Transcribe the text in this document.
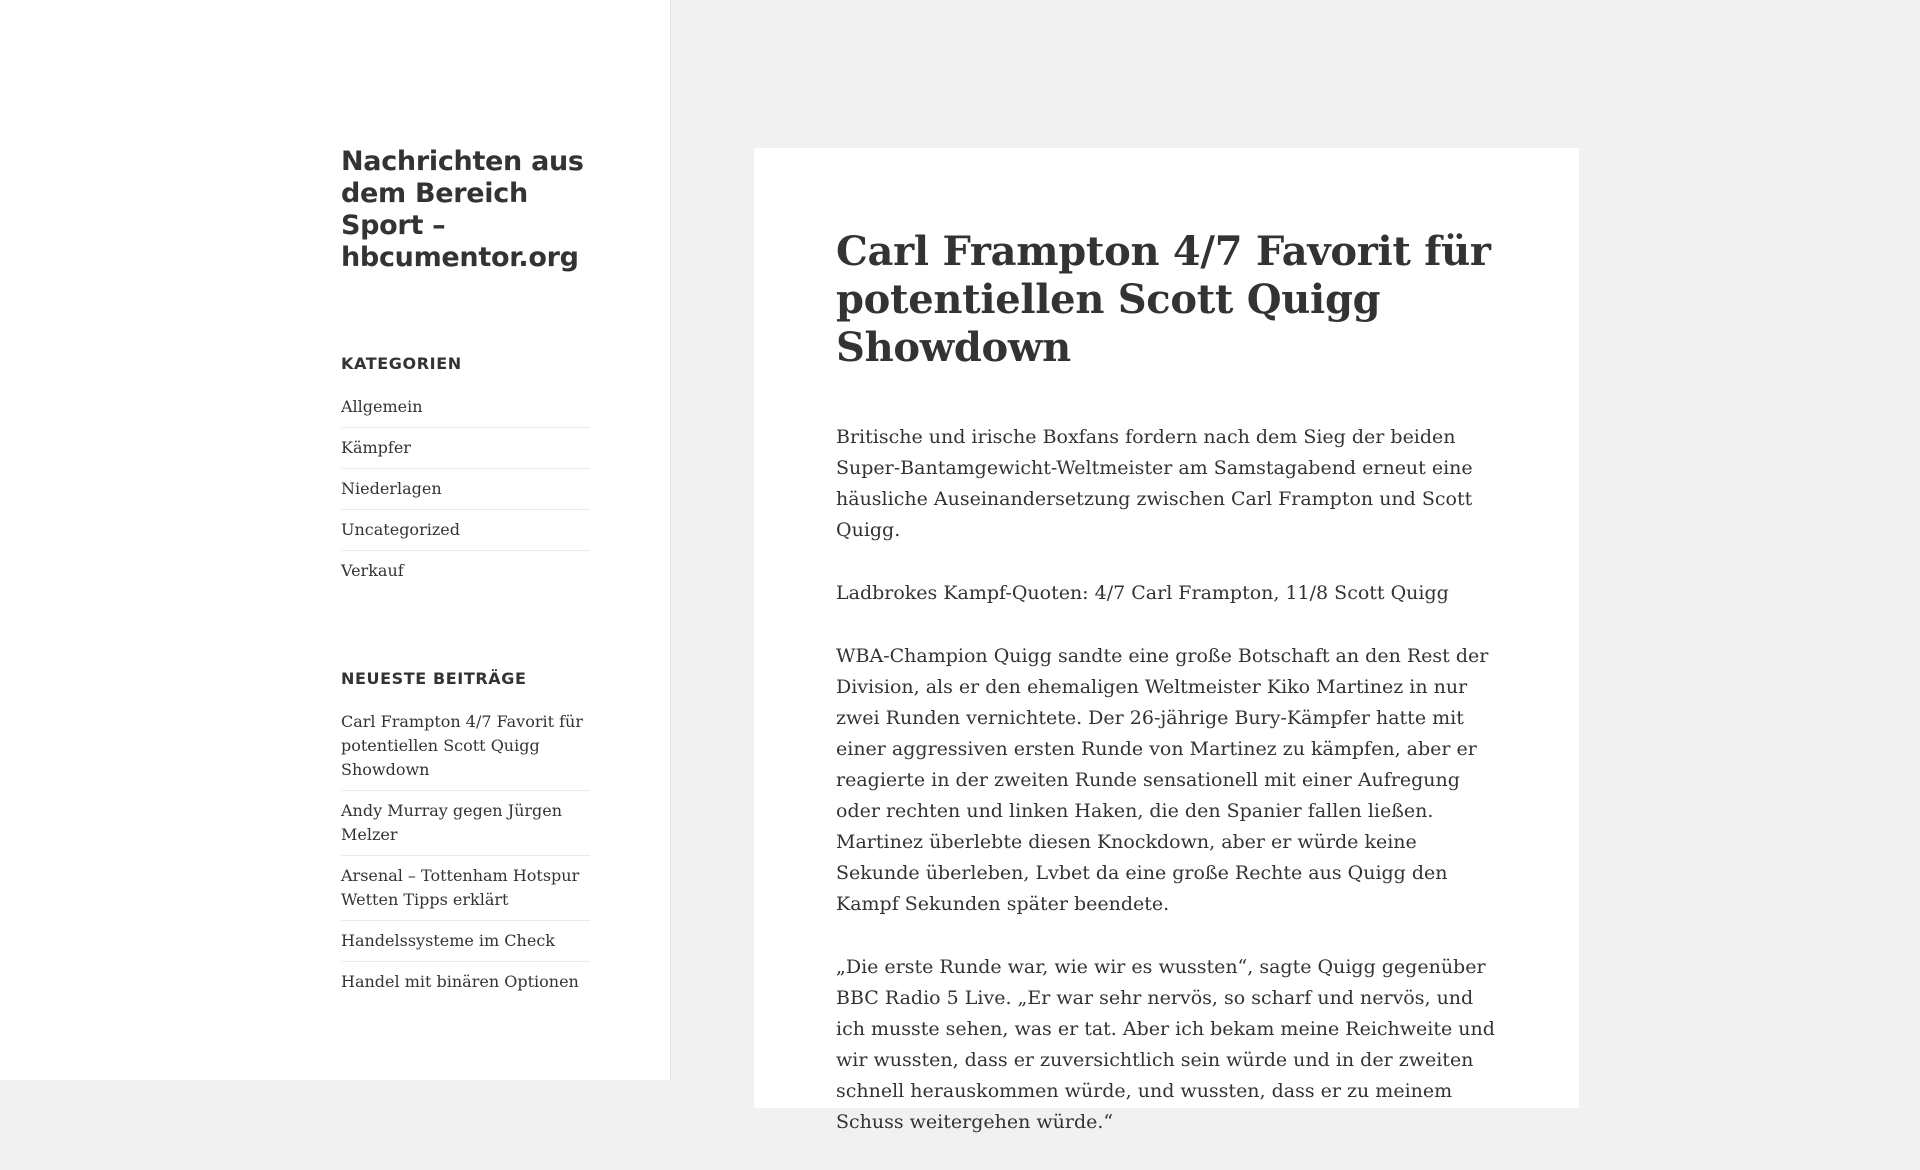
Nachrichten aus dem Bereich Sport – hbcumentor.org
KATEGORIEN
Allgemein
Kämpfer
Niederlagen
Uncategorized
Verkauf
NEUESTE BEITRÄGE
Carl Frampton 4/7 Favorit für potentiellen Scott Quigg Showdown
Andy Murray gegen Jürgen Melzer
Arsenal – Tottenham Hotspur Wetten Tipps erklärt
Handelssysteme im Check
Handel mit binären Optionen
Carl Frampton 4/7 Favorit für potentiellen Scott Quigg Showdown

Britische und irische Boxfans fordern nach dem Sieg der beiden Super-Bantamgewicht-Weltmeister am Samstagabend erneut eine häusliche Auseinandersetzung zwischen Carl Frampton und Scott Quigg.

Ladbrokes Kampf-Quoten: 4/7 Carl Frampton, 11/8 Scott Quigg

WBA-Champion Quigg sandte eine große Botschaft an den Rest der Division, als er den ehemaligen Weltmeister Kiko Martinez in nur zwei Runden vernichtete. Der 26-jährige Bury-Kämpfer hatte mit einer aggressiven ersten Runde von Martinez zu kämpfen, aber er reagierte in der zweiten Runde sensationell mit einer Aufregung oder rechten und linken Haken, die den Spanier fallen ließen. Martinez überlebte diesen Knockdown, aber er würde keine Sekunde überleben, Lvbet da eine große Rechte aus Quigg den Kampf Sekunden später beendete.

„Die erste Runde war, wie wir es wussten“, sagte Quigg gegenüber BBC Radio 5 Live. „Er war sehr nervös, so scharf und nervös, und ich musste sehen, was er tat. Aber ich bekam meine Reichweite und wir wussten, dass er zuversichtlich sein würde und in der zweiten schnell herauskommen würde, und wussten, dass er zu meinem Schuss weitergehen würde.“
